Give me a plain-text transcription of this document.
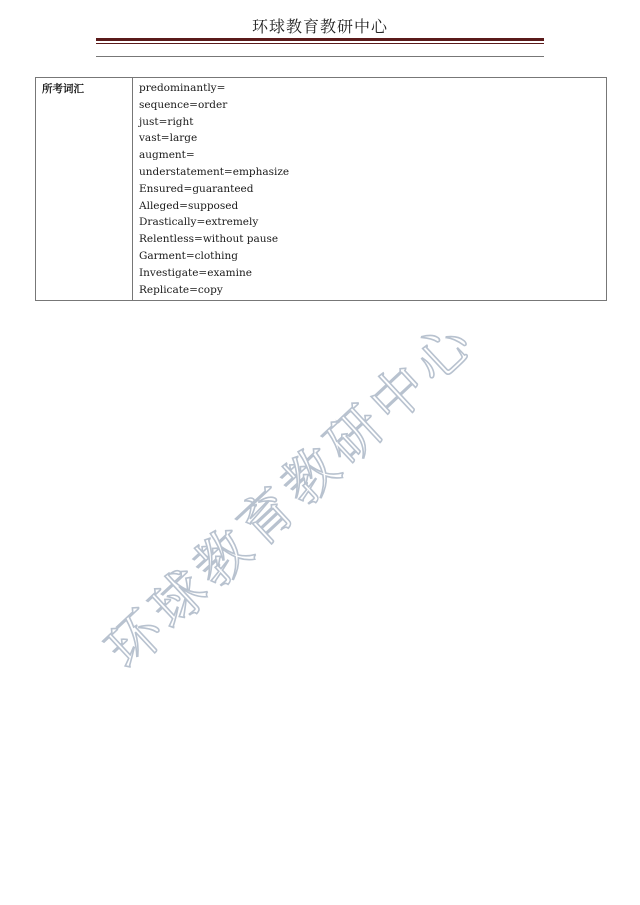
环球教育教研中心
所考词汇	predominantly=
sequence=order
just=right
vast=large
augment=
understatement=emphasize
Ensured=guaranteed
Alleged=supposed
Drastically=extremely
Relentless=without pause
Garment=clothing
Investigate=examine
Replicate=copy
环球教育教研中心
